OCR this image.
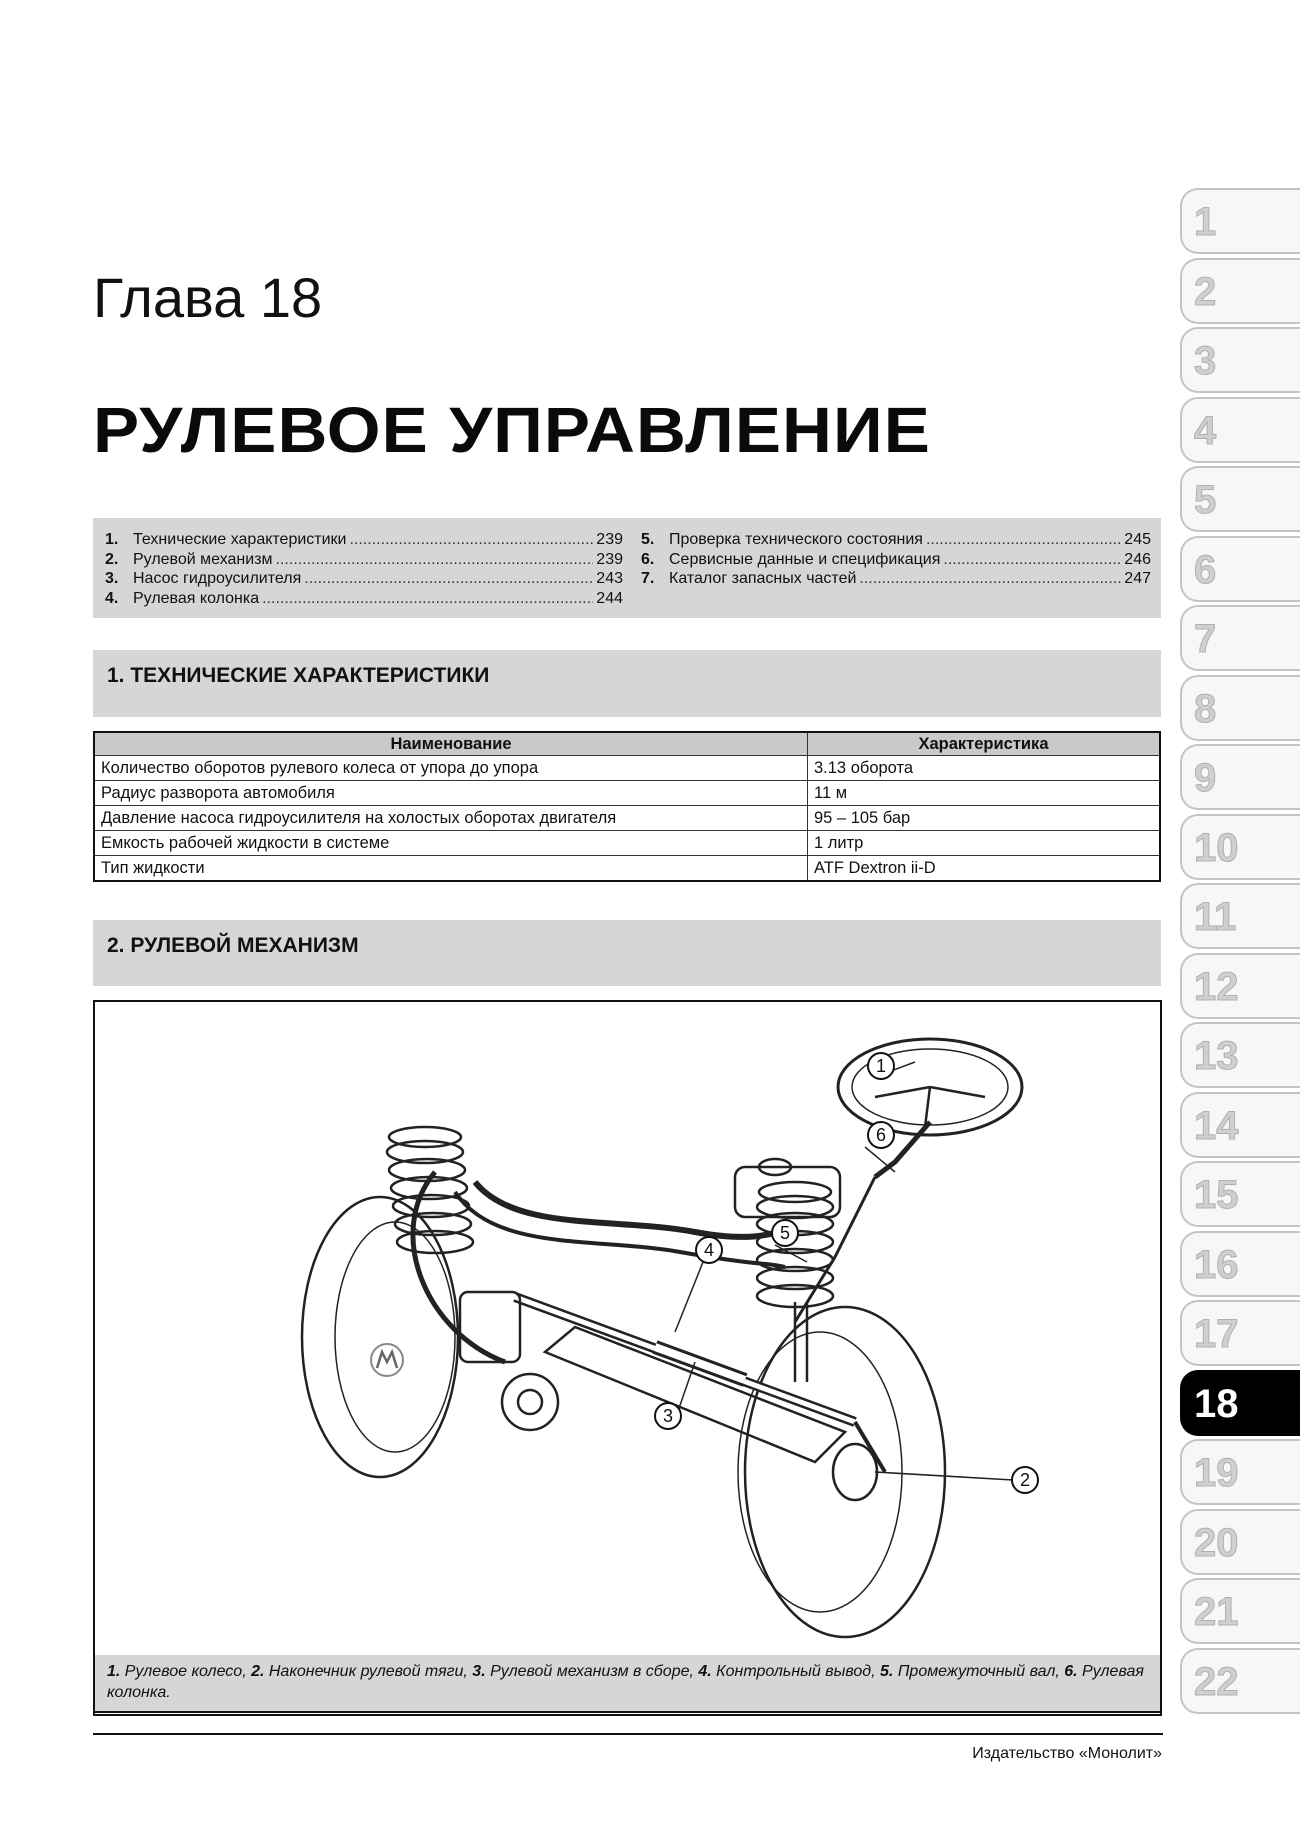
Глава 18
РУЛЕВОЕ УПРАВЛЕНИЕ
1. Технические характеристики .....	239
2. Рулевой механизм .....	239
3. Насос гидроусилителя .....	243
4. Рулевая колонка .....	244
5. Проверка технического состояния .....	245
6. Сервисные данные и спецификация .....	246
7. Каталог запасных частей .....	247
1. ТЕХНИЧЕСКИЕ ХАРАКТЕРИСТИКИ
Наименование	Характеристика
Количество оборотов рулевого колеса от упора до упора	3.13 оборота
Радиус разворота автомобиля	11 м
Давление насоса гидроусилителя на холостых оборотах двигателя	95 – 105 бар
Емкость рабочей жидкости в системе	1 литр
Тип жидкости	ATF Dextron ii-D
2. РУЛЕВОЙ МЕХАНИЗМ
1
2
3
4
5
6
1. Рулевое колесо, 2. Наконечник рулевой тяги, 3. Рулевой механизм в сборе, 4. Контрольный вывод, 5. Промежуточный вал, 6. Рулевая колонка.
Издательство «Монолит»
1
2
3
4
5
6
7
8
9
10
11
12
13
14
15
16
17
18
19
20
21
22
